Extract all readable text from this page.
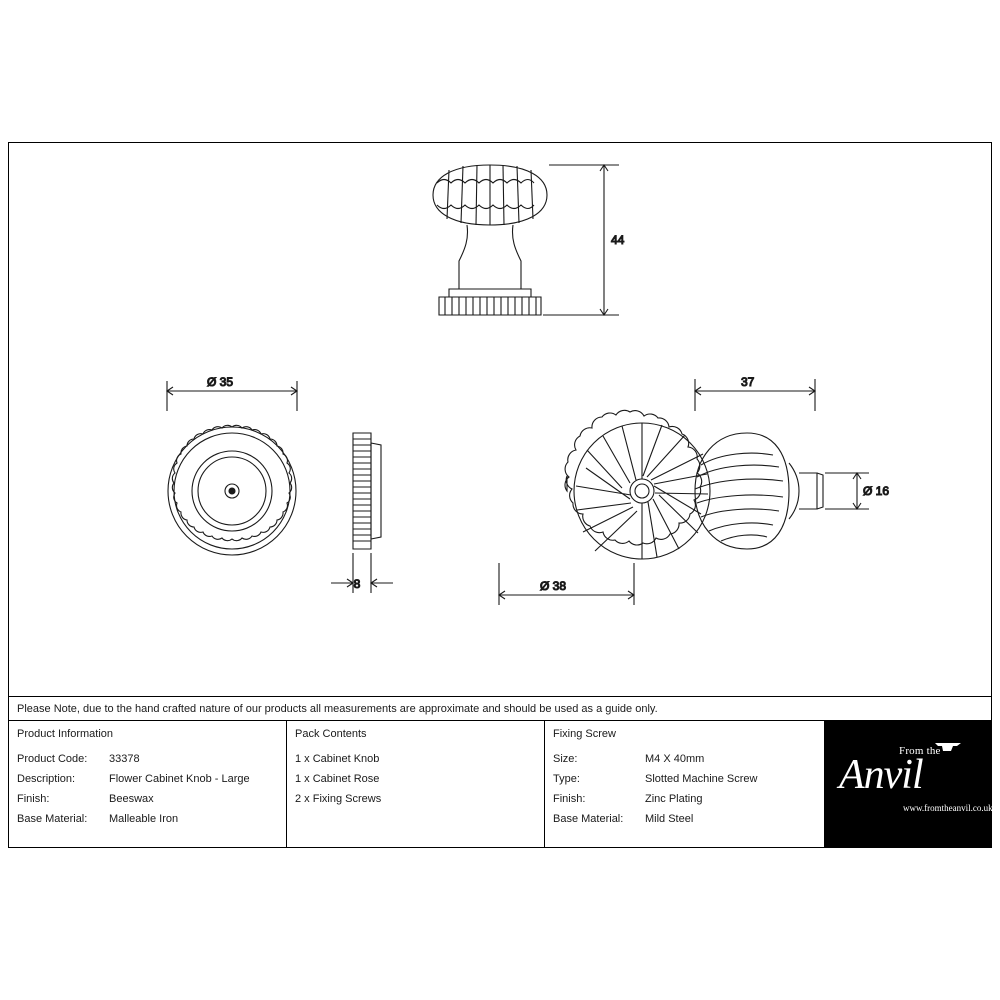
44
Ø 35
8	Ø 38
37
Ø 16
Please Note, due to the hand crafted nature of our products all measurements are approximate and should be used as a guide only.
Product Information
Product Code:	33378
Description:	Flower Cabinet Knob - Large
Finish:	Beeswax
Base Material:	Malleable Iron
Pack Contents
1 x Cabinet Knob
1 x Cabinet Rose
2 x Fixing Screws
Fixing Screw
Size:	M4 X 40mm
Type:	Slotted Machine Screw
Finish:	Zinc Plating
Base Material:	Mild Steel
From the
Anvil
www.fromtheanvil.co.uk
